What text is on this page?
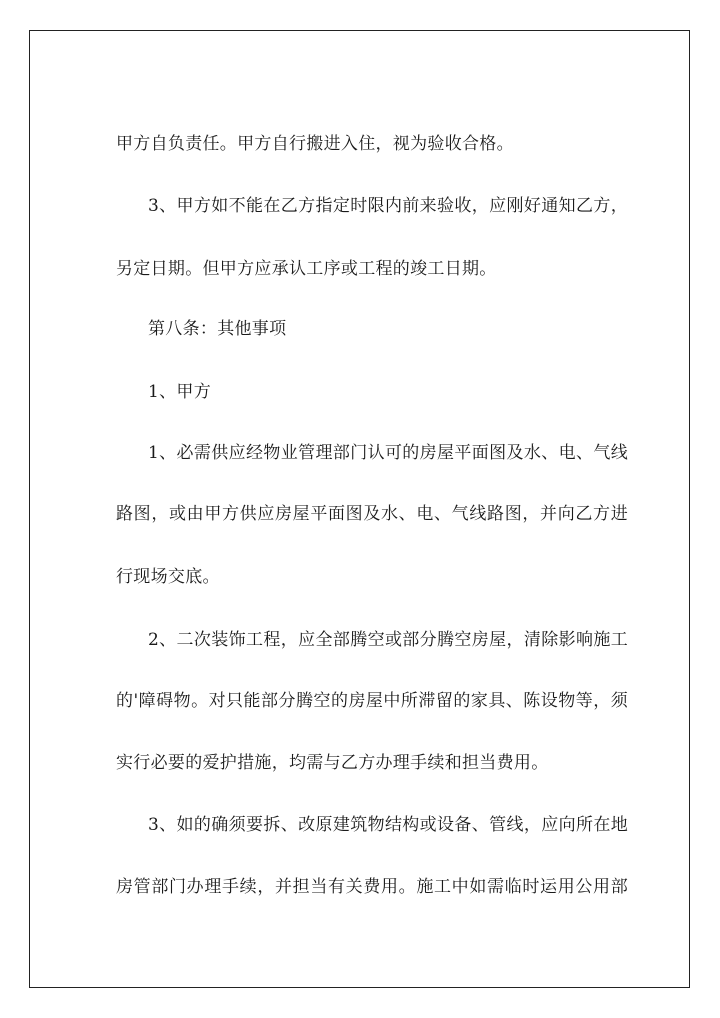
甲方自负责任。甲方自行搬进入住，视为验收合格。
3、甲方如不能在乙方指定时限内前来验收，应刚好通知乙方，
另定日期。但甲方应承认工序或工程的竣工日期。
第八条：其他事项
1、甲方
1、必需供应经物业管理部门认可的房屋平面图及水、电、气线
路图，或由甲方供应房屋平面图及水、电、气线路图，并向乙方进
行现场交底。
2、二次装饰工程，应全部腾空或部分腾空房屋，清除影响施工
的'障碍物。对只能部分腾空的房屋中所滞留的家具、陈设物等，须
实行必要的爱护措施，均需与乙方办理手续和担当费用。
3、如的确须要拆、改原建筑物结构或设备、管线，应向所在地
房管部门办理手续，并担当有关费用。施工中如需临时运用公用部
